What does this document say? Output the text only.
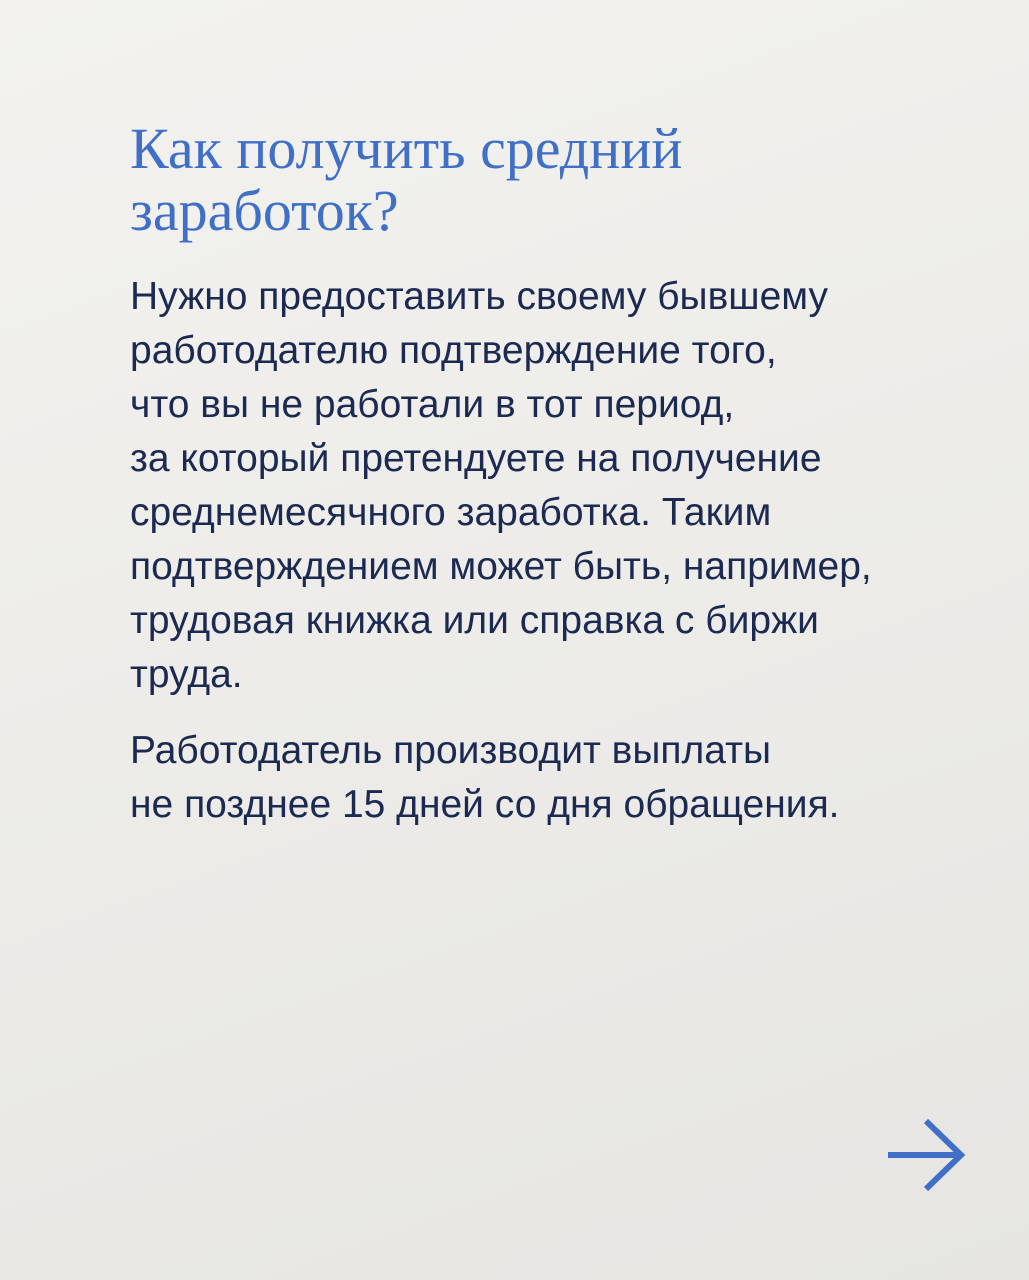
Как получить средний
заработок?

Нужно предоставить своему бывшему
работодателю подтверждение того,
что вы не работали в тот период,
за который претендуете на получение
среднемесячного заработка. Таким
подтверждением может быть, например,
трудовая книжка или справка с биржи
труда.

Работодатель производит выплаты
не позднее 15 дней со дня обращения.
